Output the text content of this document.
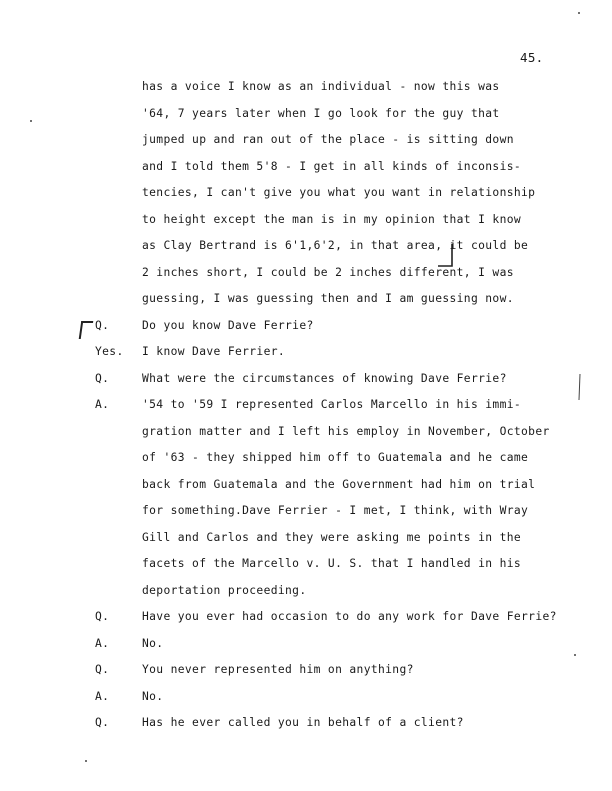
45.
has a voice I know as an individual - now this was
'64, 7 years later when I go look for the guy that
jumped up and ran out of the place - is sitting down
and I told them 5'8 - I get in all kinds of inconsis-
tencies, I can't give you what you want in relationship
to height except the man is in my opinion that I know
as Clay Bertrand is 6'1,6'2, in that area, it could be
2 inches short, I could be 2 inches different, I was
guessing, I was guessing then and I am guessing now.
Q.	Do you know Dave Ferrie?
Yes. I know Dave Ferrier.
Q.	What were the circumstances of knowing Dave Ferrie?
A.	'54 to '59 I represented Carlos Marcello in his immi-
gration matter and I left his employ in November, October
of '63 - they shipped him off to Guatemala and he came
back from Guatemala and the Government had him on trial
for something.Dave Ferrier - I met, I think, with Wray
Gill and Carlos and they were asking me points in the
facets of the Marcello v. U. S. that I handled in his
deportation proceeding.
Q.	Have you ever had occasion to do any work for Dave Ferrie?
A.	No.
Q.	You never represented him on anything?
A.	No.
Q.	Has he ever called you in behalf of a client?
